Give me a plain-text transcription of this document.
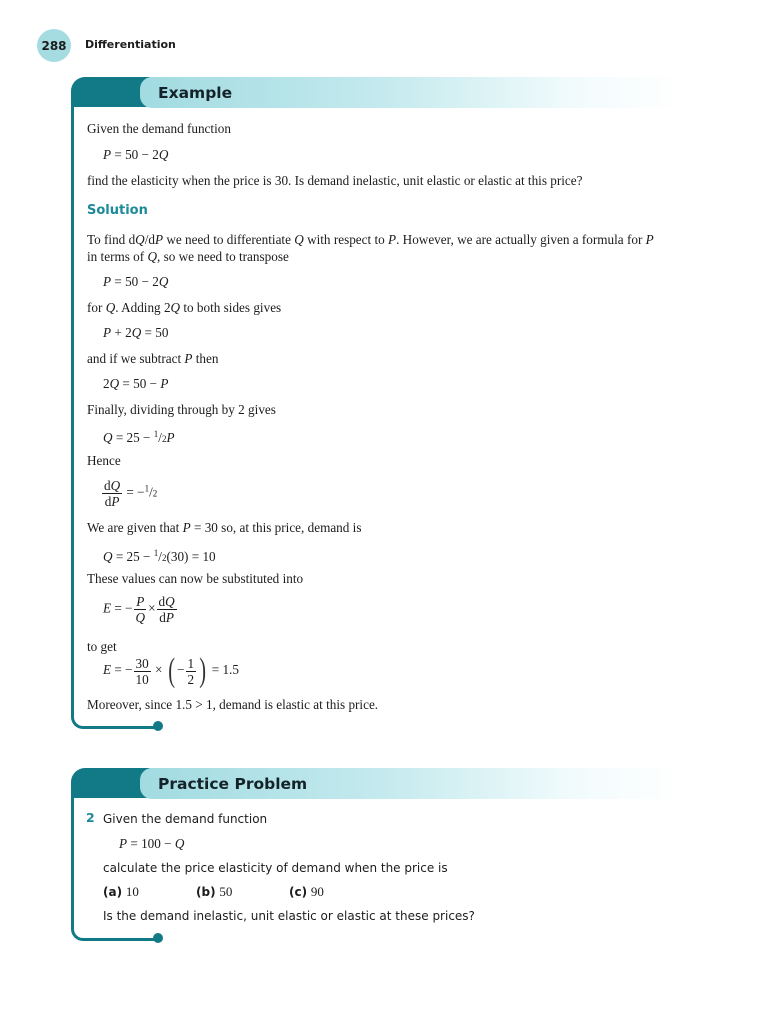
288 Differentiation
Example
Given the demand function
P = 50 − 2Q
find the elasticity when the price is 30. Is demand inelastic, unit elastic or elastic at this price?
Solution
To find dQ/dP we need to differentiate Q with respect to P. However, we are actually given a formula for P
in terms of Q, so we need to transpose
P = 50 − 2Q
for Q. Adding 2Q to both sides gives
P + 2Q = 50
and if we subtract P then
2Q = 50 − P
Finally, dividing through by 2 gives
Q = 25 − $^1$/2P
Hence
$\frac{dQ}{dP} = -^1/2$
We are given that P = 30 so, at this price, demand is
Q = 25 − $^1$/2(30) = 10
These values can now be substituted into
E = − $\frac{P}{Q} \times \frac{dQ}{dP}$
to get
E = − $\frac{30}{10}$ × ( − $\frac{1}{2}$ ) = 1.5
Moreover, since 1.5 > 1, demand is elastic at this price.
Practice Problem
2 Given the demand function
P = 100 − Q
calculate the price elasticity of demand when the price is
(a) 10	(b) 50	(c) 90
Is the demand inelastic, unit elastic or elastic at these prices?
